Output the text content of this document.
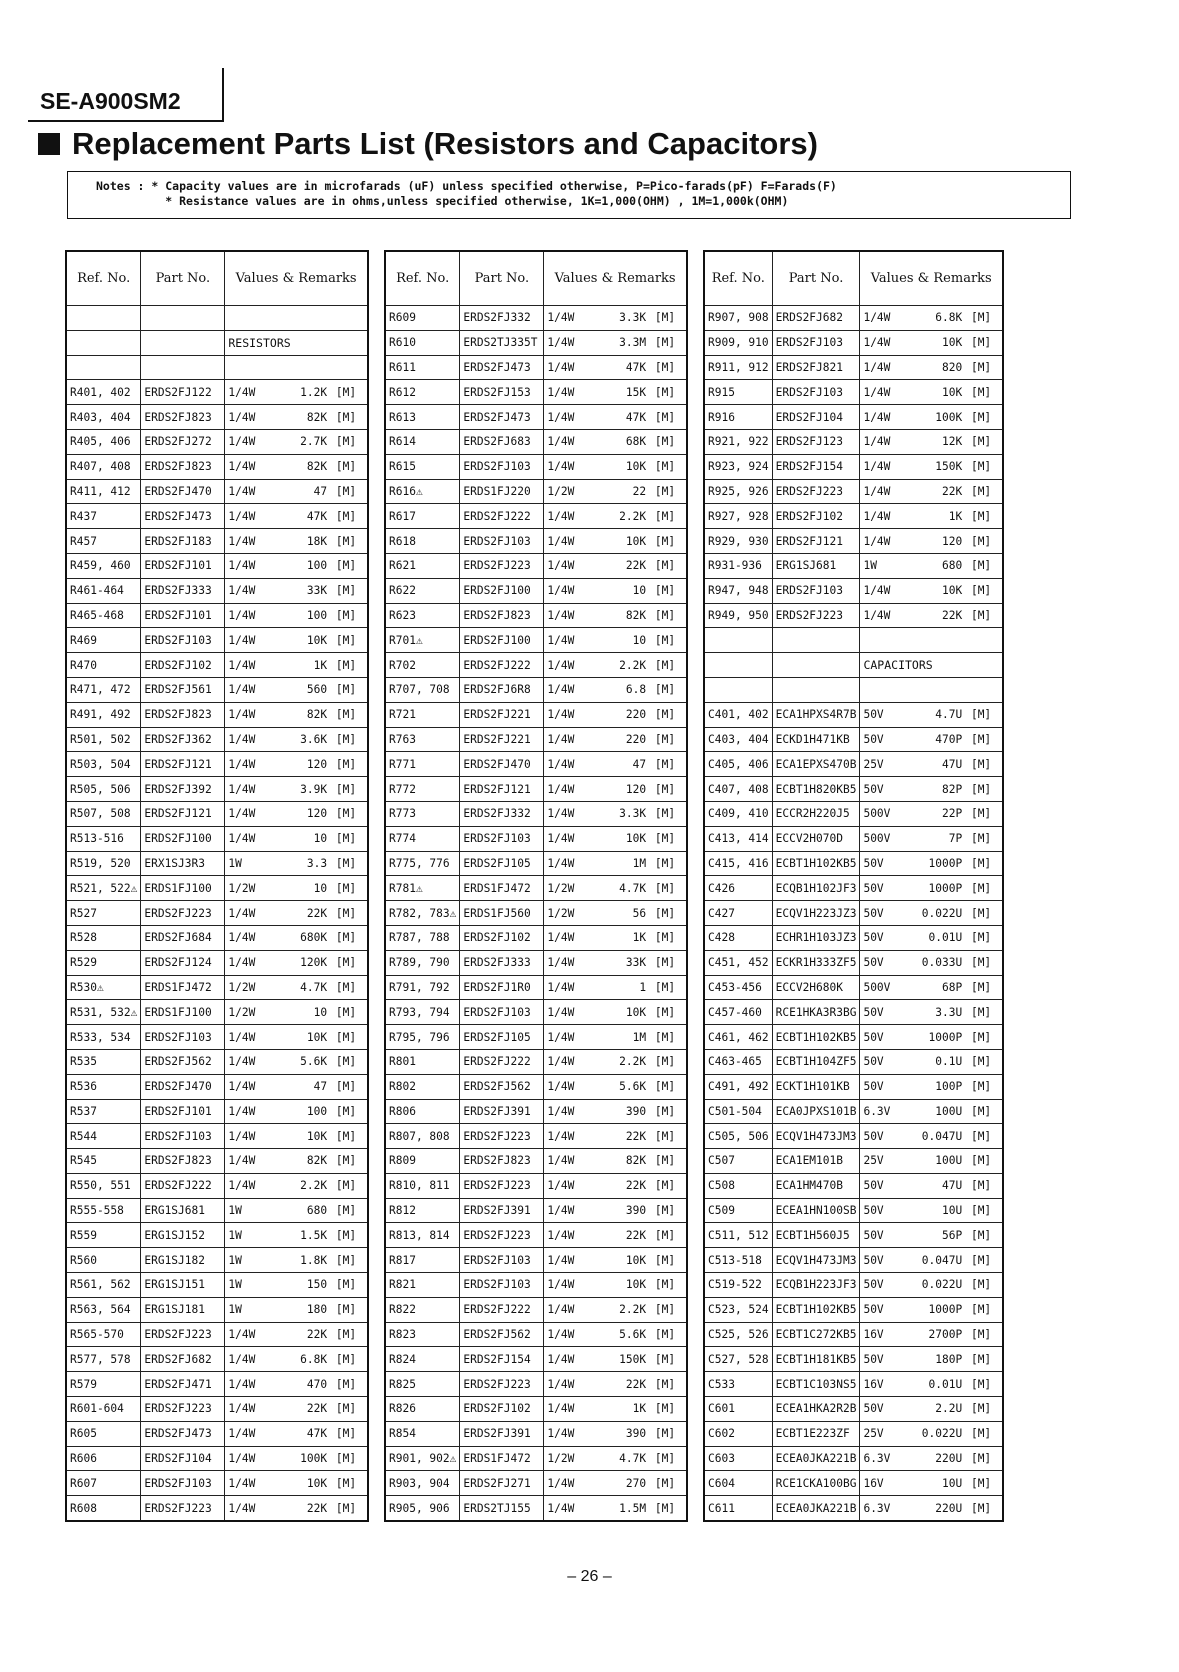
SE-A900SM2
Replacement Parts List (Resistors and Capacitors)
Notes : * Capacity values are in microfarads (uF) unless specified otherwise, P=Pico-farads(pF) F=Farads(F)
* Resistance values are in ohms,unless specified otherwise, 1K=1,000(OHM) , 1M=1,000k(OHM)
Ref. No.	Part No.	Values & Remarks

		RESISTORS

R401, 402	ERDS2FJ122	1/4W 1.2K [M]

R403, 404	ERDS2FJ823	1/4W 82K [M]

R405, 406	ERDS2FJ272	1/4W 2.7K [M]

R407, 408	ERDS2FJ823	1/4W 82K [M]

R411, 412	ERDS2FJ470	1/4W 47 [M]

R437	ERDS2FJ473	1/4W 47K [M]

R457	ERDS2FJ183	1/4W 18K [M]

R459, 460	ERDS2FJ101	1/4W 100 [M]

R461-464	ERDS2FJ333	1/4W 33K [M]

R465-468	ERDS2FJ101	1/4W 100 [M]

R469	ERDS2FJ103	1/4W 10K [M]

R470	ERDS2FJ102	1/4W 1K [M]

R471, 472	ERDS2FJ561	1/4W 560 [M]

R491, 492	ERDS2FJ823	1/4W 82K [M]

R501, 502	ERDS2FJ362	1/4W 3.6K [M]

R503, 504	ERDS2FJ121	1/4W 120 [M]

R505, 506	ERDS2FJ392	1/4W 3.9K [M]

R507, 508	ERDS2FJ121	1/4W 120 [M]

R513-516	ERDS2FJ100	1/4W 10 [M]

R519, 520	ERX1SJ3R3	1W 3.3 [M]

R521, 522⚠	ERDS1FJ100	1/2W 10 [M]

R527	ERDS2FJ223	1/4W 22K [M]

R528	ERDS2FJ684	1/4W 680K [M]

R529	ERDS2FJ124	1/4W 120K [M]

R530⚠	ERDS1FJ472	1/2W 4.7K [M]

R531, 532⚠	ERDS1FJ100	1/2W 10 [M]

R533, 534	ERDS2FJ103	1/4W 10K [M]

R535	ERDS2FJ562	1/4W 5.6K [M]

R536	ERDS2FJ470	1/4W 47 [M]

R537	ERDS2FJ101	1/4W 100 [M]

R544	ERDS2FJ103	1/4W 10K [M]

R545	ERDS2FJ823	1/4W 82K [M]

R550, 551	ERDS2FJ222	1/4W 2.2K [M]

R555-558	ERG1SJ681	1W 680 [M]

R559	ERG1SJ152	1W 1.5K [M]

R560	ERG1SJ182	1W 1.8K [M]

R561, 562	ERG1SJ151	1W 150 [M]

R563, 564	ERG1SJ181	1W 180 [M]

R565-570	ERDS2FJ223	1/4W 22K [M]

R577, 578	ERDS2FJ682	1/4W 6.8K [M]

R579	ERDS2FJ471	1/4W 470 [M]

R601-604	ERDS2FJ223	1/4W 22K [M]

R605	ERDS2FJ473	1/4W 47K [M]

R606	ERDS2FJ104	1/4W 100K [M]

R607	ERDS2FJ103	1/4W 10K [M]

R608	ERDS2FJ223	1/4W 22K [M]
Ref. No.	Part No.	Values & Remarks
R609	ERDS2FJ332	1/4W 3.3K [M]

R610	ERDS2TJ335T	1/4W 3.3M [M]

R611	ERDS2FJ473	1/4W 47K [M]

R612	ERDS2FJ153	1/4W 15K [M]

R613	ERDS2FJ473	1/4W 47K [M]

R614	ERDS2FJ683	1/4W 68K [M]

R615	ERDS2FJ103	1/4W 10K [M]

R616⚠	ERDS1FJ220	1/2W 22 [M]

R617	ERDS2FJ222	1/4W 2.2K [M]

R618	ERDS2FJ103	1/4W 10K [M]

R621	ERDS2FJ223	1/4W 22K [M]

R622	ERDS2FJ100	1/4W 10 [M]

R623	ERDS2FJ823	1/4W 82K [M]

R701⚠	ERDS2FJ100	1/4W 10 [M]

R702	ERDS2FJ222	1/4W 2.2K [M]

R707, 708	ERDS2FJ6R8	1/4W 6.8 [M]

R721	ERDS2FJ221	1/4W 220 [M]

R763	ERDS2FJ221	1/4W 220 [M]

R771	ERDS2FJ470	1/4W 47 [M]

R772	ERDS2FJ121	1/4W 120 [M]

R773	ERDS2FJ332	1/4W 3.3K [M]

R774	ERDS2FJ103	1/4W 10K [M]

R775, 776	ERDS2FJ105	1/4W 1M [M]

R781⚠	ERDS1FJ472	1/2W 4.7K [M]

R782, 783⚠	ERDS1FJ560	1/2W 56 [M]

R787, 788	ERDS2FJ102	1/4W 1K [M]

R789, 790	ERDS2FJ333	1/4W 33K [M]

R791, 792	ERDS2FJ1R0	1/4W 1 [M]

R793, 794	ERDS2FJ103	1/4W 10K [M]

R795, 796	ERDS2FJ105	1/4W 1M [M]

R801	ERDS2FJ222	1/4W 2.2K [M]

R802	ERDS2FJ562	1/4W 5.6K [M]

R806	ERDS2FJ391	1/4W 390 [M]

R807, 808	ERDS2FJ223	1/4W 22K [M]

R809	ERDS2FJ823	1/4W 82K [M]

R810, 811	ERDS2FJ223	1/4W 22K [M]

R812	ERDS2FJ391	1/4W 390 [M]

R813, 814	ERDS2FJ223	1/4W 22K [M]

R817	ERDS2FJ103	1/4W 10K [M]

R821	ERDS2FJ103	1/4W 10K [M]

R822	ERDS2FJ222	1/4W 2.2K [M]

R823	ERDS2FJ562	1/4W 5.6K [M]

R824	ERDS2FJ154	1/4W 150K [M]

R825	ERDS2FJ223	1/4W 22K [M]

R826	ERDS2FJ102	1/4W 1K [M]

R854	ERDS2FJ391	1/4W 390 [M]

R901, 902⚠	ERDS1FJ472	1/2W 4.7K [M]

R903, 904	ERDS2FJ271	1/4W 270 [M]

R905, 906	ERDS2TJ155	1/4W 1.5M [M]
Ref. No.	Part No.	Values & Remarks
R907, 908	ERDS2FJ682	1/4W 6.8K [M]

R909, 910	ERDS2FJ103	1/4W 10K [M]

R911, 912	ERDS2FJ821	1/4W 820 [M]

R915	ERDS2FJ103	1/4W 10K [M]

R916	ERDS2FJ104	1/4W 100K [M]

R921, 922	ERDS2FJ123	1/4W 12K [M]

R923, 924	ERDS2FJ154	1/4W 150K [M]

R925, 926	ERDS2FJ223	1/4W 22K [M]

R927, 928	ERDS2FJ102	1/4W 1K [M]

R929, 930	ERDS2FJ121	1/4W 120 [M]

R931-936	ERG1SJ681	1W 680 [M]

R947, 948	ERDS2FJ103	1/4W 10K [M]

R949, 950	ERDS2FJ223	1/4W 22K [M]

		CAPACITORS

C401, 402	ECA1HPXS4R7B	50V 4.7U [M]

C403, 404	ECKD1H471KB	50V 470P [M]

C405, 406	ECA1EPXS470B	25V 47U [M]

C407, 408	ECBT1H820KB5	50V 82P [M]

C409, 410	ECCR2H220J5	500V 22P [M]

C413, 414	ECCV2H070D	500V 7P [M]

C415, 416	ECBT1H102KB5	50V 1000P [M]

C426	ECQB1H102JF3	50V 1000P [M]

C427	ECQV1H223JZ3	50V 0.022U [M]

C428	ECHR1H103JZ3	50V 0.01U [M]

C451, 452	ECKR1H333ZF5	50V 0.033U [M]

C453-456	ECCV2H680K	500V 68P [M]

C457-460	RCE1HKA3R3BG	50V 3.3U [M]

C461, 462	ECBT1H102KB5	50V 1000P [M]

C463-465	ECBT1H104ZF5	50V 0.1U [M]

C491, 492	ECKT1H101KB	50V 100P [M]

C501-504	ECA0JPXS101B	6.3V 100U [M]

C505, 506	ECQV1H473JM3	50V 0.047U [M]

C507	ECA1EM101B	25V 100U [M]

C508	ECA1HM470B	50V 47U [M]

C509	ECEA1HN100SB	50V 10U [M]

C511, 512	ECBT1H560J5	50V 56P [M]

C513-518	ECQV1H473JM3	50V 0.047U [M]

C519-522	ECQB1H223JF3	50V 0.022U [M]

C523, 524	ECBT1H102KB5	50V 1000P [M]

C525, 526	ECBT1C272KB5	16V 2700P [M]

C527, 528	ECBT1H181KB5	50V 180P [M]

C533	ECBT1C103NS5	16V 0.01U [M]

C601	ECEA1HKA2R2B	50V 2.2U [M]

C602	ECBT1E223ZF	25V 0.022U [M]

C603	ECEA0JKA221B	6.3V 220U [M]

C604	RCE1CKA100BG	16V 10U [M]

C611	ECEA0JKA221B	6.3V 220U [M]
– 26 –
